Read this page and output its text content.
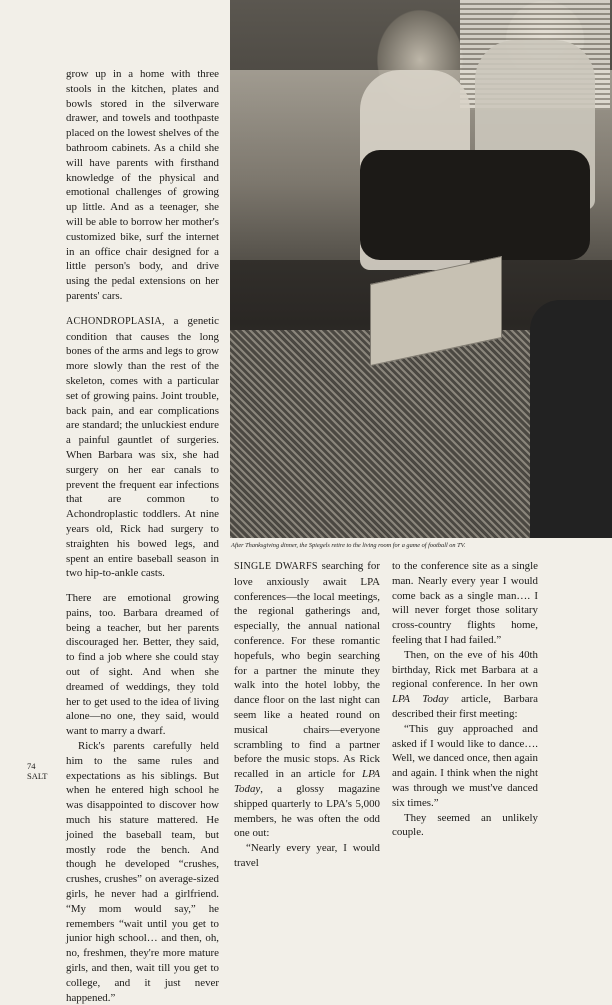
After Thanksgiving dinner, the Spiegels retire to the living room for a game of football on TV.

grow up in a home with three stools in the kitchen, plates and bowls stored in the silverware drawer, and towels and toothpaste placed on the lowest shelves of the bathroom cabinets. As a child she will have parents with firsthand knowledge of the physical and emotional challenges of growing up little. And as a teenager, she will be able to borrow her mother's customized bike, surf the internet in an office chair designed for a little person's body, and drive using the pedal extensions on her parents' cars.

ACHONDROPLASIA, a genetic condition that causes the long bones of the arms and legs to grow more slowly than the rest of the skeleton, comes with a particular set of growing pains. Joint trouble, back pain, and ear complications are standard; the unluckiest endure a painful gauntlet of surgeries. When Barbara was six, she had surgery on her ear canals to prevent the frequent ear infections that are common to Achondroplastic toddlers. At nine years old, Rick had surgery to straighten his bowed legs, and spent an entire baseball season in two hip-to-ankle casts.

There are emotional growing pains, too. Barbara dreamed of being a teacher, but her parents discouraged her. Better, they said, to find a job where she could stay out of sight. And when she dreamed of weddings, they told her to get used to the idea of living alone—no one, they said, would want to marry a dwarf.

Rick's parents carefully held him to the same rules and expectations as his siblings. But when he entered high school he was disappointed to discover how much his stature mattered. He joined the baseball team, but mostly rode the bench. And though he developed “crushes, crushes, crushes” on average-sized girls, he never had a girlfriend. “My mom would say,” he remembers “wait until you get to junior high school… and then, oh, no, freshmen, they're more mature girls, and then, wait till you get to college, and it just never happened.”

SINGLE DWARFS searching for love anxiously await LPA conferences—the local meetings, the regional gatherings and, especially, the annual national conference. For these romantic hopefuls, who begin searching for a partner the minute they walk into the hotel lobby, the dance floor on the last night can seem like a heated round on musical chairs—everyone scrambling to find a partner before the music stops. As Rick recalled in an article for LPA Today, a glossy magazine shipped quarterly to LPA's 5,000 members, he was often the odd one out:

“Nearly every year, I would travel

to the conference site as a single man. Nearly every year I would come back as a single man…. I will never forget those solitary cross-country flights home, feeling that I had failed.”

Then, on the eve of his 40th birthday, Rick met Barbara at a regional conference. In her own LPA Today article, Barbara described their first meeting:

“This guy approached and asked if I would like to dance…. Well, we danced once, then again and again. I think when the night was through we must've danced six times.”

They seemed an unlikely couple.

74
SALT
